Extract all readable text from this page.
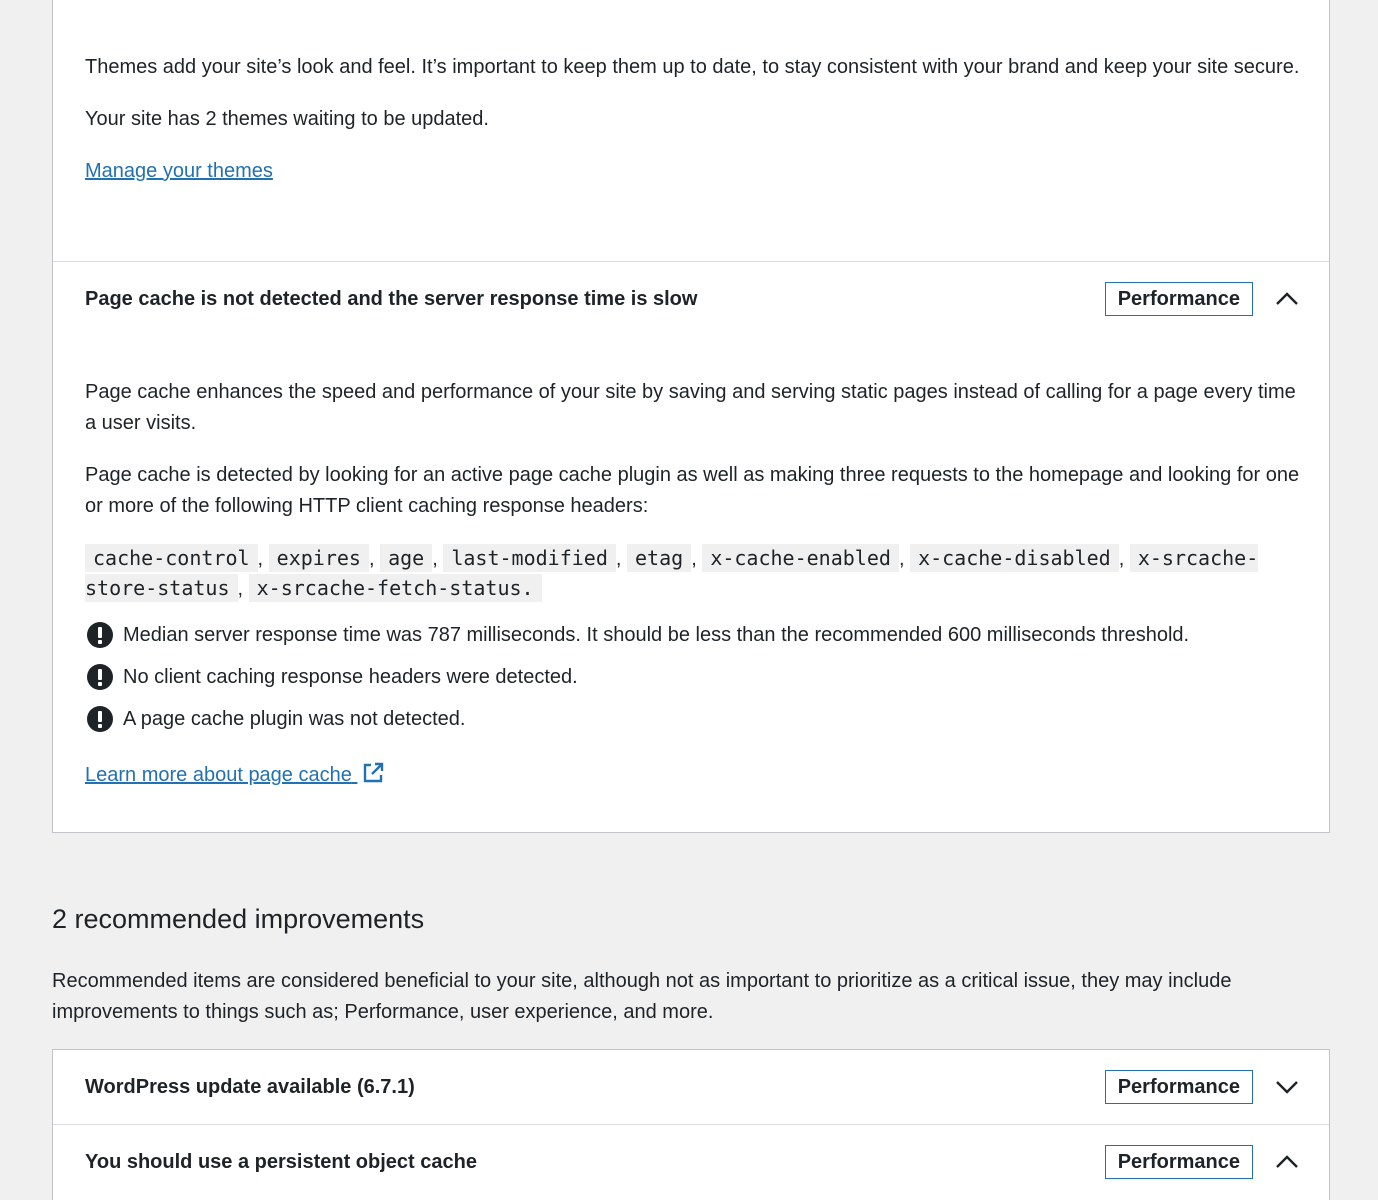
Themes add your site’s look and feel. It’s important to keep them up to date, to stay consistent with your brand and keep your site secure.

Your site has 2 themes waiting to be updated.

Manage your themes

Page cache is not detected and the server response time is slow	Performance

Page cache enhances the speed and performance of your site by saving and serving static pages instead of calling for a page every time a user visits.

Page cache is detected by looking for an active page cache plugin as well as making three requests to the homepage and looking for one or more of the following HTTP client caching response headers:

cache-control , expires , age , last-modified , etag , x-cache-enabled , x-cache-disabled , x-srcache-store-status , x-srcache-fetch-status.
Median server response time was 787 milliseconds. It should be less than the recommended 600 milliseconds threshold.
No client caching response headers were detected.
A page cache plugin was not detected.

Learn more about page cache

2 recommended improvements
Recommended items are considered beneficial to your site, although not as important to prioritize as a critical issue, they may include improvements to things such as; Performance, user experience, and more.
WordPress update available (6.7.1)	Performance
You should use a persistent object cache	Performance
